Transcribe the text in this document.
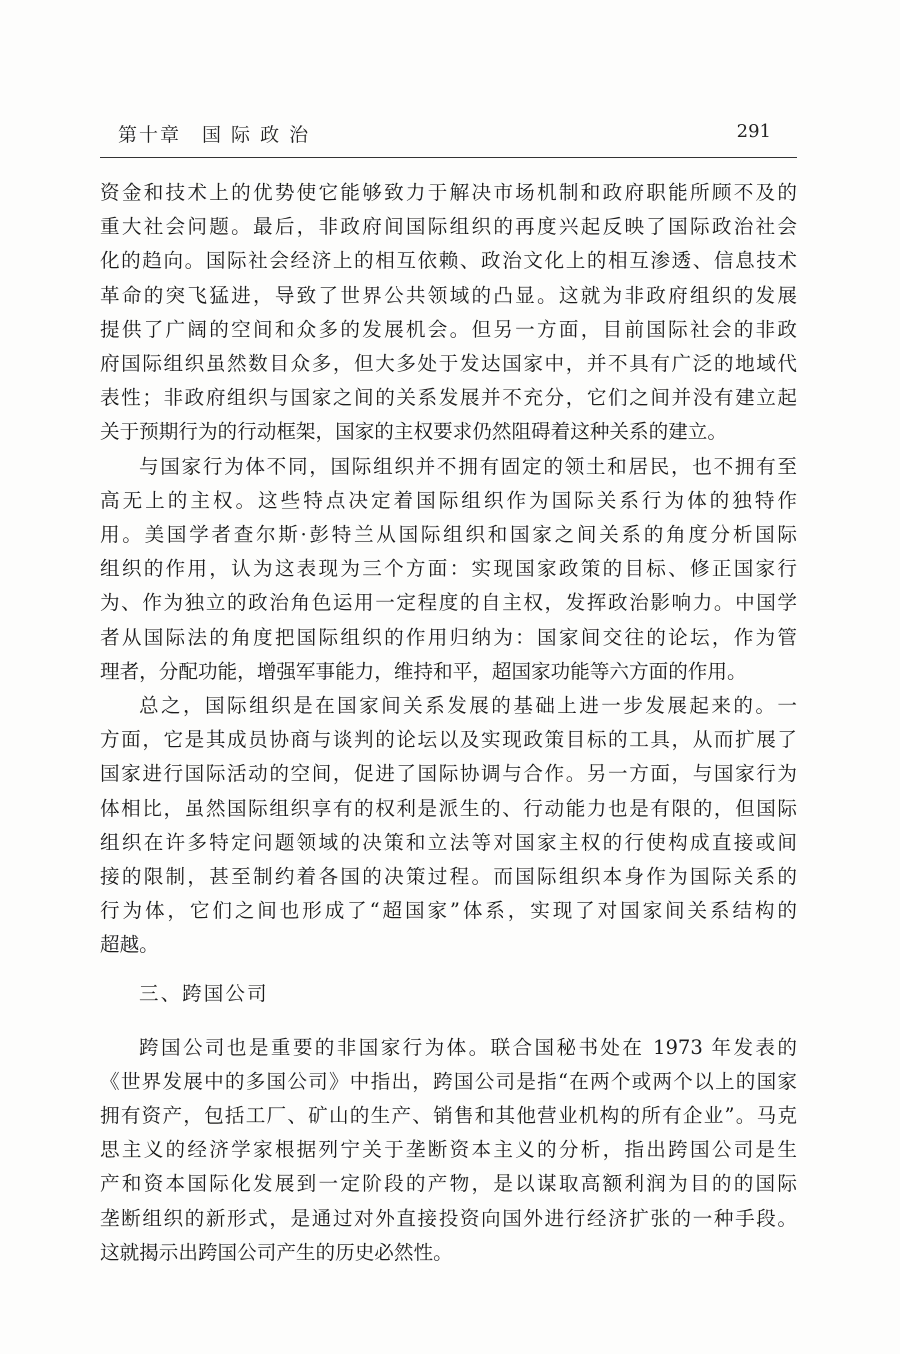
第十章　国 际 政 治	291

资金和技术上的优势使它能够致力于解决市场机制和政府职能所顾不及的
重大社会问题。最后，非政府间国际组织的再度兴起反映了国际政治社会
化的趋向。国际社会经济上的相互依赖、政治文化上的相互渗透、信息技术
革命的突飞猛进，导致了世界公共领域的凸显。这就为非政府组织的发展
提供了广阔的空间和众多的发展机会。但另一方面，目前国际社会的非政
府国际组织虽然数目众多，但大多处于发达国家中，并不具有广泛的地域代
表性；非政府组织与国家之间的关系发展并不充分，它们之间并没有建立起
关于预期行为的行动框架，国家的主权要求仍然阻碍着这种关系的建立。

与国家行为体不同，国际组织并不拥有固定的领土和居民，也不拥有至
高无上的主权。这些特点决定着国际组织作为国际关系行为体的独特作
用。美国学者查尔斯·彭特兰从国际组织和国家之间关系的角度分析国际
组织的作用，认为这表现为三个方面：实现国家政策的目标、修正国家行
为、作为独立的政治角色运用一定程度的自主权，发挥政治影响力。中国学
者从国际法的角度把国际组织的作用归纳为：国家间交往的论坛，作为管
理者，分配功能，增强军事能力，维持和平，超国家功能等六方面的作用。

总之，国际组织是在国家间关系发展的基础上进一步发展起来的。一
方面，它是其成员协商与谈判的论坛以及实现政策目标的工具，从而扩展了
国家进行国际活动的空间，促进了国际协调与合作。另一方面，与国家行为
体相比，虽然国际组织享有的权利是派生的、行动能力也是有限的，但国际
组织在许多特定问题领域的决策和立法等对国家主权的行使构成直接或间
接的限制，甚至制约着各国的决策过程。而国际组织本身作为国际关系的
行为体，它们之间也形成了“超国家”体系，实现了对国家间关系结构的
超越。

三、跨国公司

跨国公司也是重要的非国家行为体。联合国秘书处在 1973 年发表的
《世界发展中的多国公司》中指出，跨国公司是指“在两个或两个以上的国家
拥有资产，包括工厂、矿山的生产、销售和其他营业机构的所有企业”。马克
思主义的经济学家根据列宁关于垄断资本主义的分析，指出跨国公司是生
产和资本国际化发展到一定阶段的产物，是以谋取高额利润为目的的国际
垄断组织的新形式，是通过对外直接投资向国外进行经济扩张的一种手段。
这就揭示出跨国公司产生的历史必然性。
